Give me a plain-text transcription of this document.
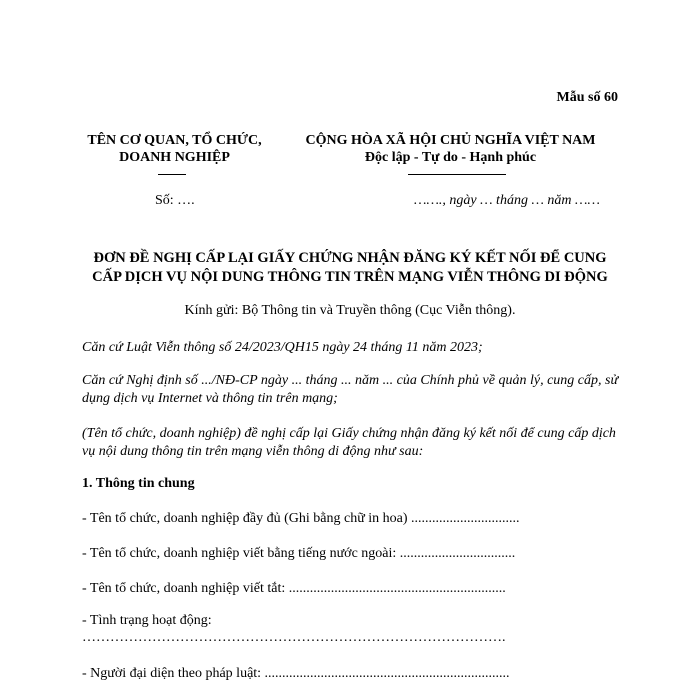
Mẫu số 60
TÊN CƠ QUAN, TỔ CHỨC,
DOANH NGHIỆP
CỘNG HÒA XÃ HỘI CHỦ NGHĨA VIỆT NAM
Độc lập - Tự do - Hạnh phúc
Số: ….	……., ngày … tháng … năm ……
ĐƠN ĐỀ NGHỊ CẤP LẠI GIẤY CHỨNG NHẬN ĐĂNG KÝ KẾT NỐI ĐỂ CUNG
CẤP DỊCH VỤ NỘI DUNG THÔNG TIN TRÊN MẠNG VIỄN THÔNG DI ĐỘNG
Kính gửi: Bộ Thông tin và Truyền thông (Cục Viễn thông).
Căn cứ Luật Viễn thông số 24/2023/QH15 ngày 24 tháng 11 năm 2023;
Căn cứ Nghị định số .../NĐ-CP ngày ... tháng ... năm ... của Chính phủ về quản lý, cung cấp, sử dụng dịch vụ Internet và thông tin trên mạng;
(Tên tổ chức, doanh nghiệp) đề nghị cấp lại Giấy chứng nhận đăng ký kết nối để cung cấp dịch vụ nội dung thông tin trên mạng viễn thông di động như sau:
1. Thông tin chung
- Tên tổ chức, doanh nghiệp đầy đủ (Ghi bằng chữ in hoa) ...............................
- Tên tổ chức, doanh nghiệp viết bằng tiếng nước ngoài: .................................
- Tên tổ chức, doanh nghiệp viết tắt: ..............................................................
- Tình trạng hoạt động:
……………………………………………………………………………….
- Người đại diện theo pháp luật: ......................................................................
